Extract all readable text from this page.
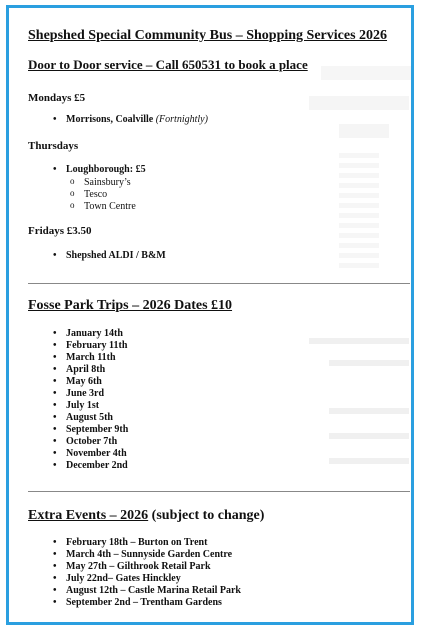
Shepshed Special Community Bus – Shopping Services 2026
Door to Door service – Call 650531 to book a place
Mondays £5
• Morrisons, Coalville (Fortnightly)
Thursdays
• Loughborough: £5
o Sainsbury’s
o Tesco
o Town Centre
Fridays £3.50
• Shepshed ALDI / B&M
Fosse Park Trips – 2026 Dates £10
• January 14th
• February 11th
• March 11th
• April 8th
• May 6th
• June 3rd
• July 1st
• August 5th
• September 9th
• October 7th
• November 4th
• December 2nd
Extra Events – 2026 (subject to change)
• February 18th – Burton on Trent
• March 4th – Sunnyside Garden Centre
• May 27th – Gilthrook Retail Park
• July 22nd– Gates Hinckley
• August 12th – Castle Marina Retail Park
• September 2nd – Trentham Gardens
